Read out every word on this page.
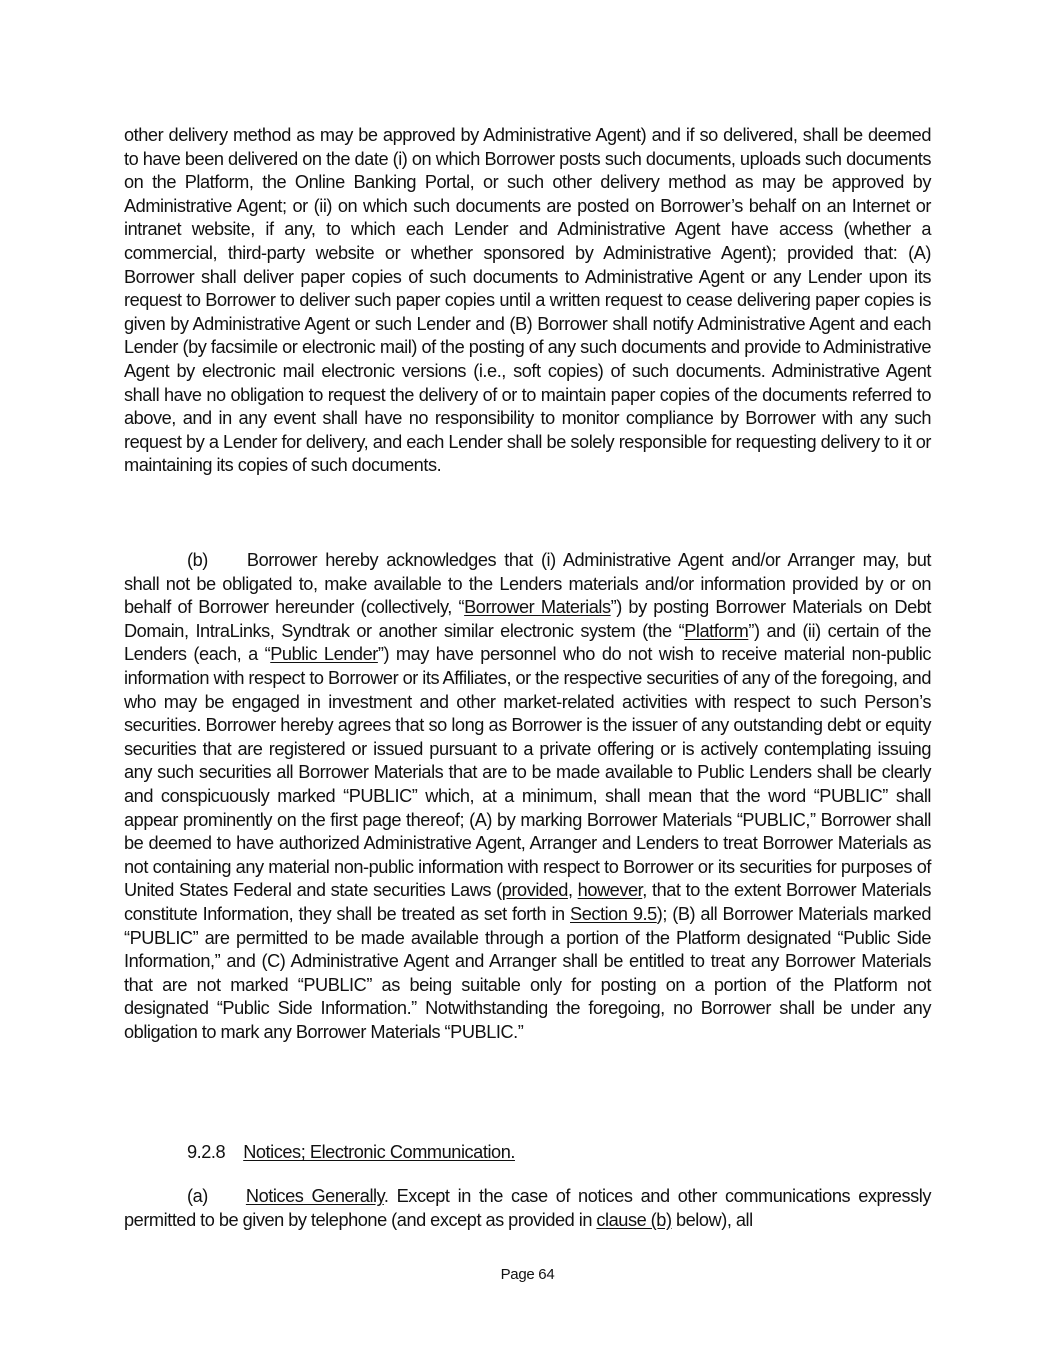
other delivery method as may be approved by Administrative Agent) and if so delivered, shall be deemed to have been delivered on the date (i) on which Borrower posts such documents, uploads such documents on the Platform, the Online Banking Portal, or such other delivery method as may be approved by Administrative Agent; or (ii) on which such documents are posted on Borrower’s behalf on an Internet or intranet website, if any, to which each Lender and Administrative Agent have access (whether a commercial, third-party website or whether sponsored by Administrative Agent); provided that: (A) Borrower shall deliver paper copies of such documents to Administrative Agent or any Lender upon its request to Borrower to deliver such paper copies until a written request to cease delivering paper copies is given by Administrative Agent or such Lender and (B) Borrower shall notify Administrative Agent and each Lender (by facsimile or electronic mail) of the posting of any such documents and provide to Administrative Agent by electronic mail electronic versions (i.e., soft copies) of such documents. Administrative Agent shall have no obligation to request the delivery of or to maintain paper copies of the documents referred to above, and in any event shall have no responsibility to monitor compliance by Borrower with any such request by a Lender for delivery, and each Lender shall be solely responsible for requesting delivery to it or maintaining its copies of such documents.

(b) Borrower hereby acknowledges that (i) Administrative Agent and/or Arranger may, but shall not be obligated to, make available to the Lenders materials and/or information provided by or on behalf of Borrower hereunder (collectively, “Borrower Materials”) by posting Borrower Materials on Debt Domain, IntraLinks, Syndtrak or another similar electronic system (the “Platform”) and (ii) certain of the Lenders (each, a “Public Lender”) may have personnel who do not wish to receive material non-public information with respect to Borrower or its Affiliates, or the respective securities of any of the foregoing, and who may be engaged in investment and other market-related activities with respect to such Person’s securities. Borrower hereby agrees that so long as Borrower is the issuer of any outstanding debt or equity securities that are registered or issued pursuant to a private offering or is actively contemplating issuing any such securities all Borrower Materials that are to be made available to Public Lenders shall be clearly and conspicuously marked “PUBLIC” which, at a minimum, shall mean that the word “PUBLIC” shall appear prominently on the first page thereof; (A) by marking Borrower Materials “PUBLIC,” Borrower shall be deemed to have authorized Administrative Agent, Arranger and Lenders to treat Borrower Materials as not containing any material non-public information with respect to Borrower or its securities for purposes of United States Federal and state securities Laws (provided, however, that to the extent Borrower Materials constitute Information, they shall be treated as set forth in Section 9.5); (B) all Borrower Materials marked “PUBLIC” are permitted to be made available through a portion of the Platform designated “Public Side Information,” and (C) Administrative Agent and Arranger shall be entitled to treat any Borrower Materials that are not marked “PUBLIC” as being suitable only for posting on a portion of the Platform not designated “Public Side Information.” Notwithstanding the foregoing, no Borrower shall be under any obligation to mark any Borrower Materials “PUBLIC.”

9.2.8 Notices; Electronic Communication.

(a) Notices Generally. Except in the case of notices and other communications expressly permitted to be given by telephone (and except as provided in clause (b) below), all

Page 64
